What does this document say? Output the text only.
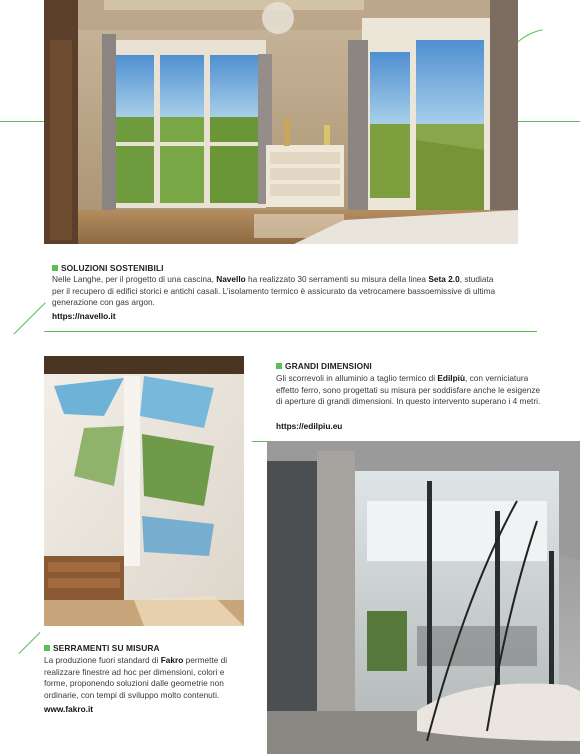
SOLUZIONI SOSTENIBILI
Nelle Langhe, per il progetto di una cascina, Navello ha realizzato 30 serramenti su misura della linea Seta 2.0, studiata per il recupero di edifici storici e antichi casali. L’isolamento termico è assicurato da vetrocamere bassoemissive di ultima generazione con gas argon.
https://navello.it
SERRAMENTI SU MISURA
La produzione fuori standard di Fakro permette di realizzare finestre ad hoc per dimensioni, colori e forme, proponendo soluzioni dalle geometrie non ordinarie, con tempi di sviluppo molto contenuti.
www.fakro.it
GRANDI DIMENSIONI
Gli scorrevoli in alluminio a taglio termico di Edilpiù, con verniciatura effetto ferro, sono progettati su misura per soddisfare anche le esigenze di aperture di grandi dimensioni. In questo intervento superano i 4 metri.
https://edilpiu.eu
